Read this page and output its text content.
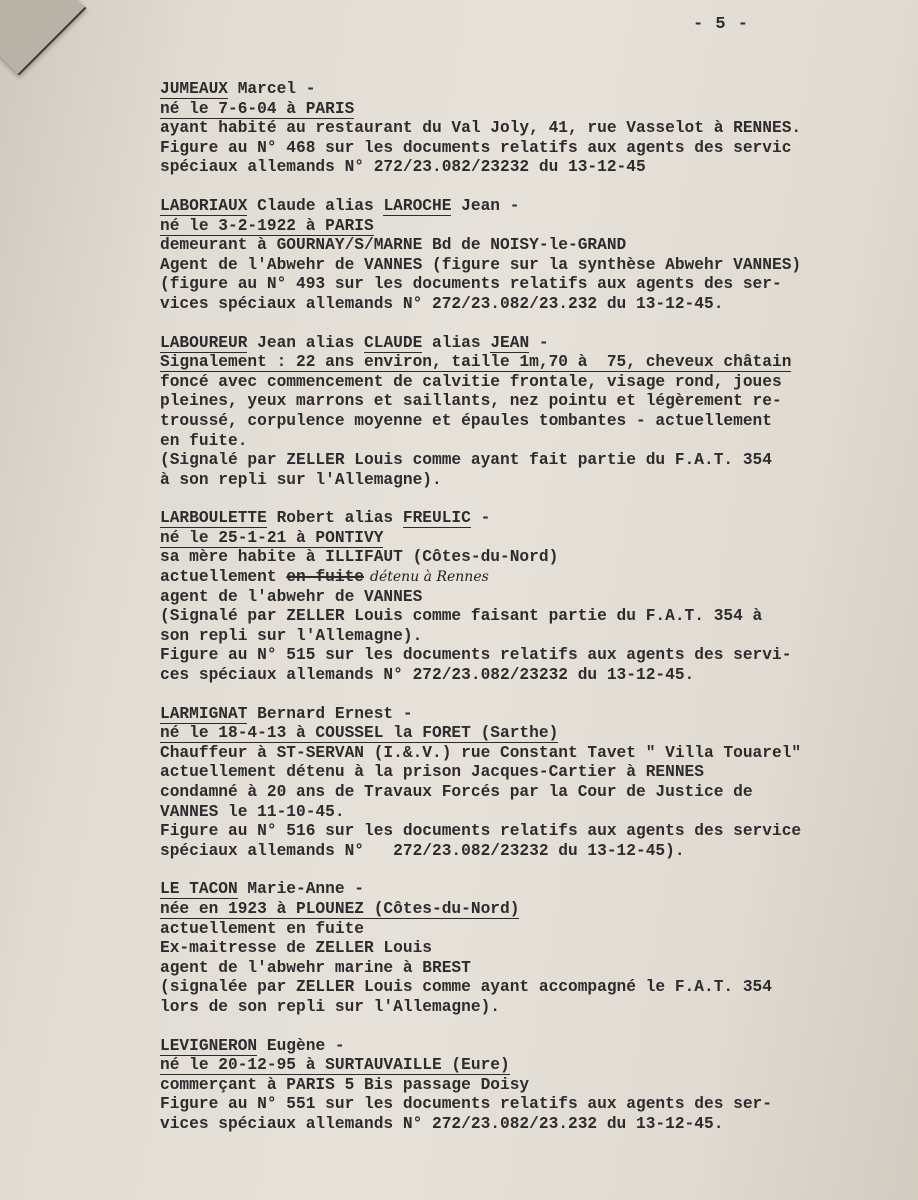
- 5 -
JUMEAUX Marcel -
né le 7-6-04 à PARIS
ayant habité au restaurant du Val Joly, 41, rue Vasselot à RENNES.
Figure au N° 468 sur les documents relatifs aux agents des servic
spéciaux allemands N° 272/23.082/23232 du 13-12-45
LABORIAUX Claude alias LAROCHE Jean -
né le 3-2-1922 à PARIS
demeurant à GOURNAY/S/MARNE Bd de NOISY-le-GRAND
Agent de l'Abwehr de VANNES (figure sur la synthèse Abwehr VANNES)
(figure au N° 493 sur les documents relatifs aux agents des ser-
vices spéciaux allemands N° 272/23.082/23.232 du 13-12-45.
LABOUREUR Jean alias CLAUDE alias JEAN -
Signalement : 22 ans environ, taille 1m,70 à  75, cheveux châtain
foncé avec commencement de calvitie frontale, visage rond, joues
pleines, yeux marrons et saillants, nez pointu et légèrement re-
troussé, corpulence moyenne et épaules tombantes - actuellement
en fuite.
(Signalé par ZELLER Louis comme ayant fait partie du F.A.T. 354
à son repli sur l'Allemagne).
LARBOULETTE Robert alias FREULIC -
né le 25-1-21 à PONTIVY
sa mère habite à ILLIFAUT (Côtes-du-Nord)
actuellement en fuite détenu à Rennes
agent de l'abwehr de VANNES
(Signalé par ZELLER Louis comme faisant partie du F.A.T. 354 à
son repli sur l'Allemagne).
Figure au N° 515 sur les documents relatifs aux agents des servi-
ces spéciaux allemands N° 272/23.082/23232 du 13-12-45.
LARMIGNAT Bernard Ernest -
né le 18-4-13 à COUSSEL la FORET (Sarthe)
Chauffeur à ST-SERVAN (I.&.V.) rue Constant Tavet " Villa Touarel"
actuellement détenu à la prison Jacques-Cartier à RENNES
condamné à 20 ans de Travaux Forcés par la Cour de Justice de
VANNES le 11-10-45.
Figure au N° 516 sur les documents relatifs aux agents des service
spéciaux allemands N°   272/23.082/23232 du 13-12-45).
LE TACON Marie-Anne -
née en 1923 à PLOUNEZ (Côtes-du-Nord)
actuellement en fuite
Ex-maitresse de ZELLER Louis
agent de l'abwehr marine à BREST
(signalée par ZELLER Louis comme ayant accompagné le F.A.T. 354
lors de son repli sur l'Allemagne).
LEVIGNERON Eugène -
né le 20-12-95 à SURTAUVAILLE (Eure)
commerçant à PARIS 5 Bis passage Doisy
Figure au N° 551 sur les documents relatifs aux agents des ser-
vices spéciaux allemands N° 272/23.082/23.232 du 13-12-45.
